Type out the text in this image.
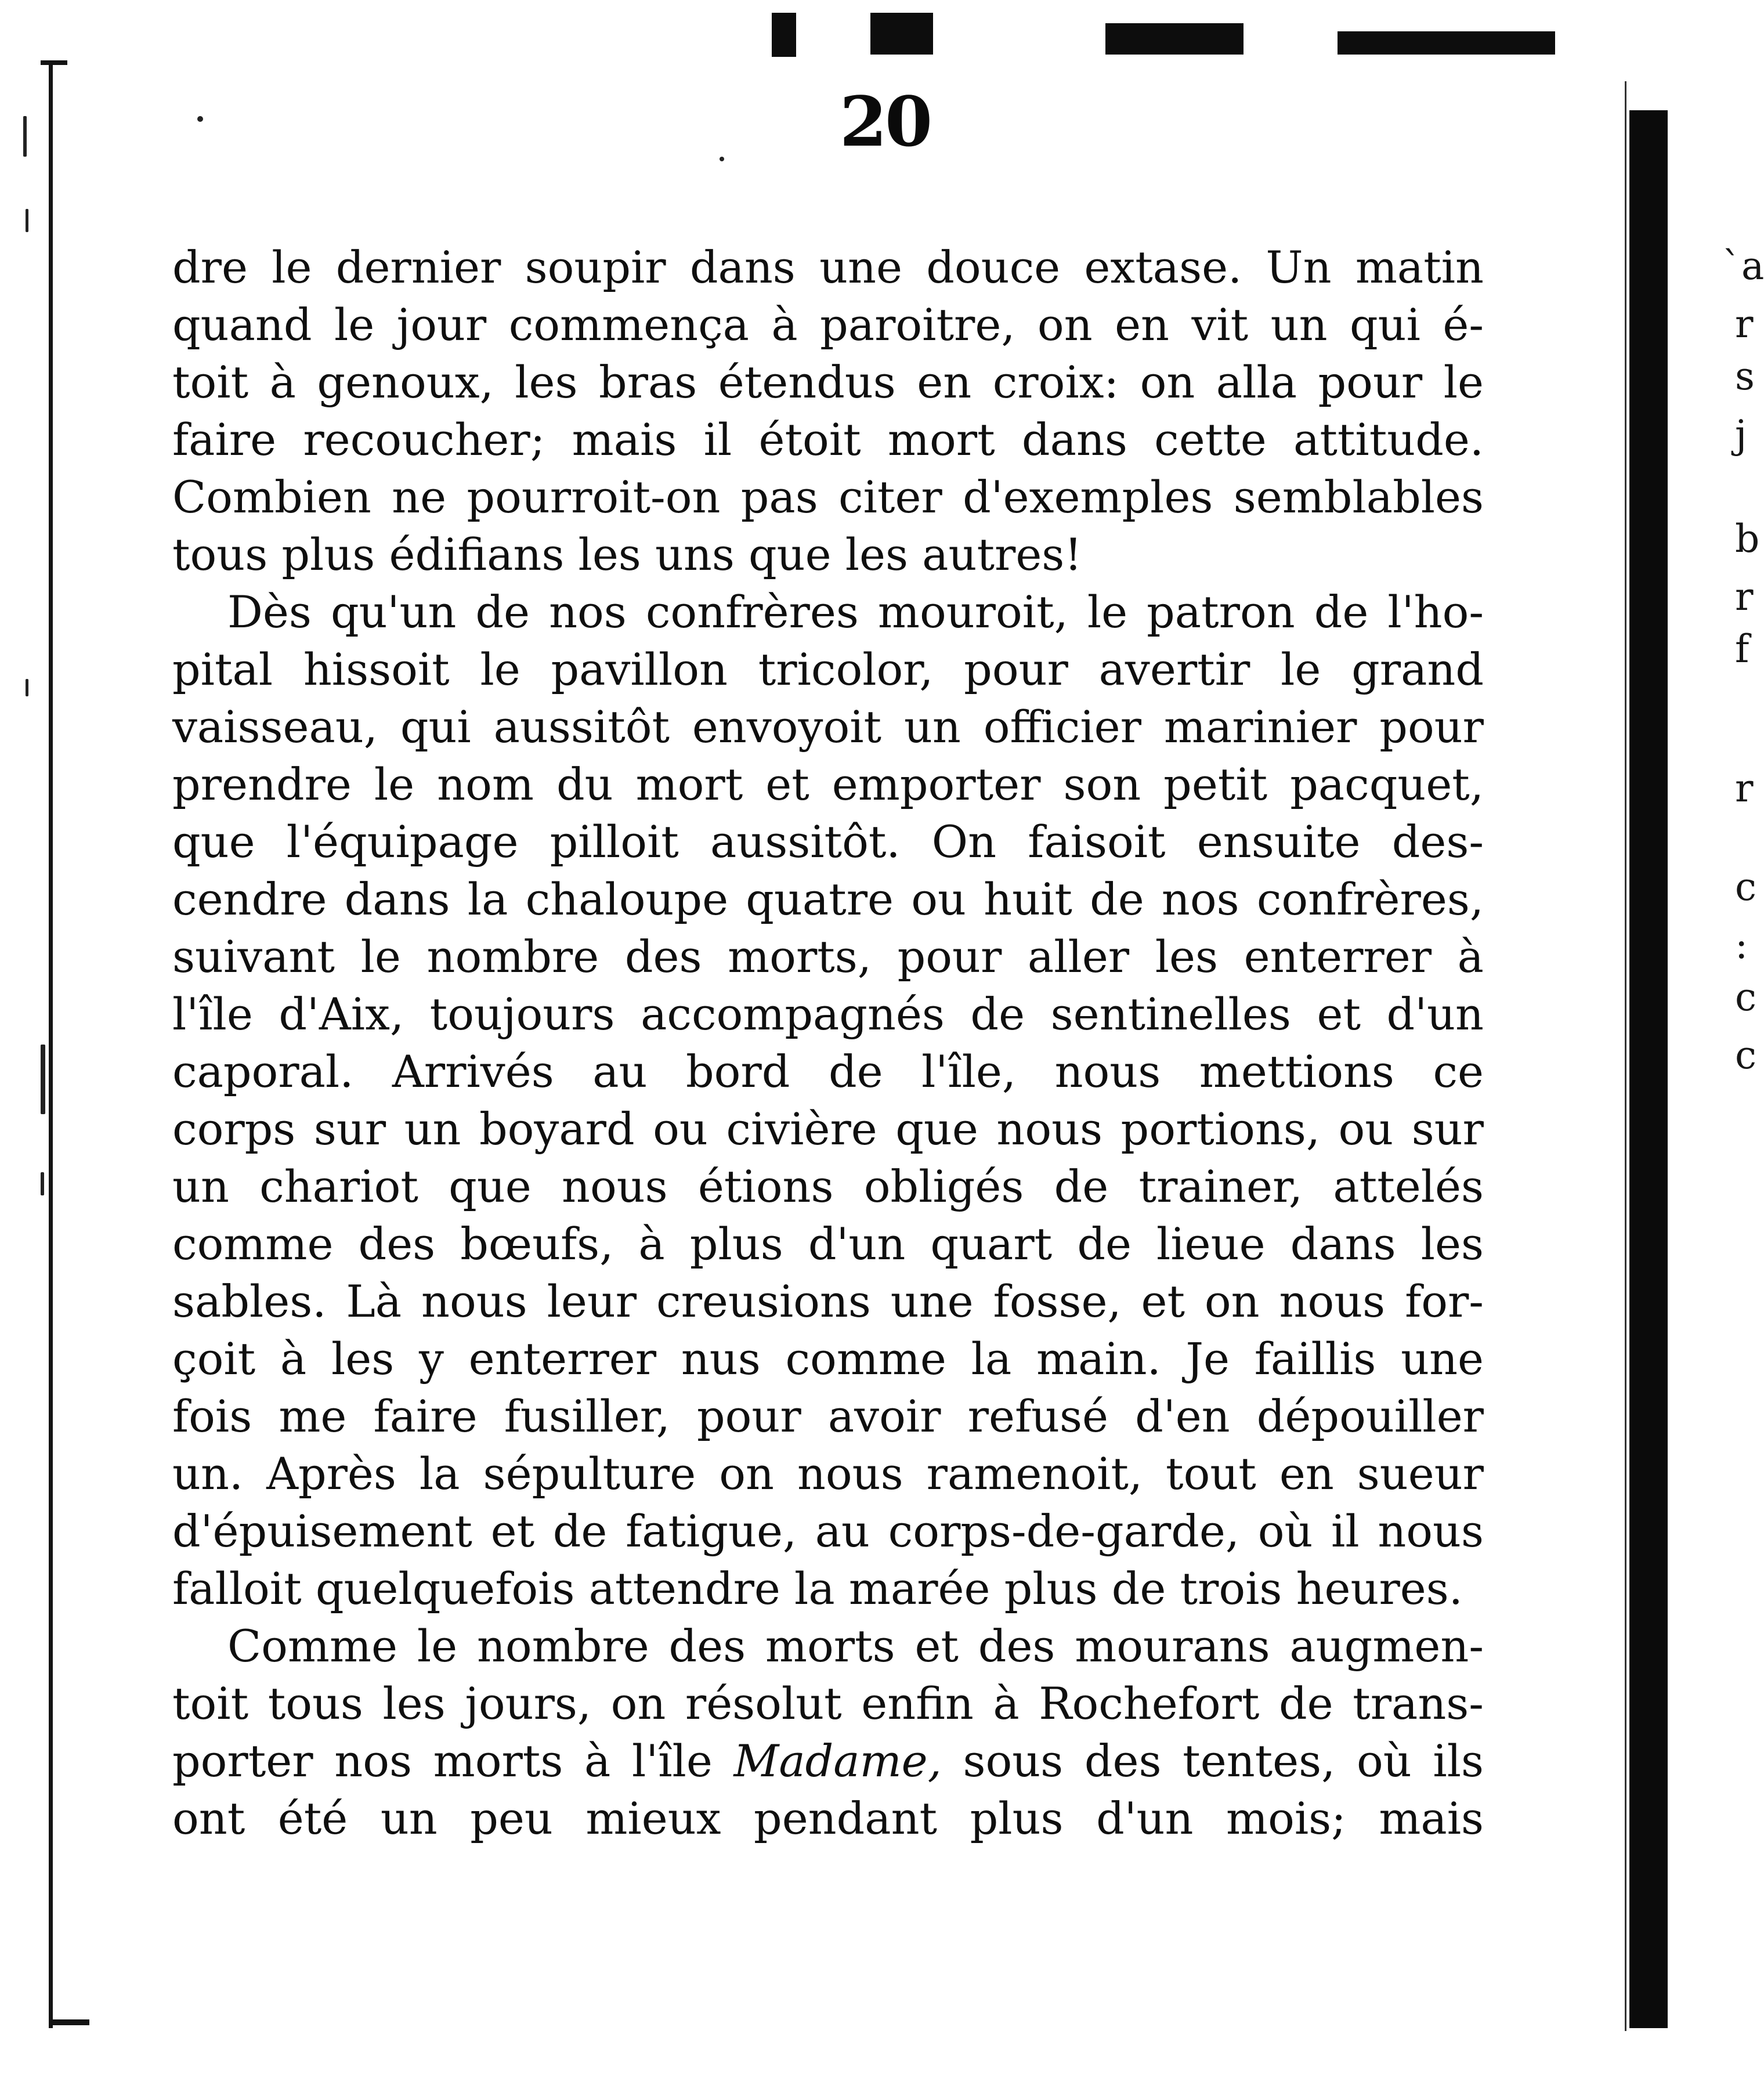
20
dre le dernier soupir dans une douce extase. Un matin
quand le jour commença à paroitre, on en vit un qui é-
toit à genoux, les bras étendus en croix: on alla pour le
faire recoucher; mais il étoit mort dans cette attitude.
Combien ne pourroit-on pas citer d'exemples semblables
tous plus édifians les uns que les autres!
Dès qu'un de nos confrères mouroit, le patron de l'ho-
pital hissoit le pavillon tricolor, pour avertir le grand
vaisseau, qui aussitôt envoyoit un officier marinier pour
prendre le nom du mort et emporter son petit pacquet,
que l'équipage pilloit aussitôt. On faisoit ensuite des-
cendre dans la chaloupe quatre ou huit de nos confrères,
suivant le nombre des morts, pour aller les enterrer à
l'île d'Aix, toujours accompagnés de sentinelles et d'un
caporal. Arrivés au bord de l'île, nous mettions ce
corps sur un boyard ou civière que nous portions, ou sur
un chariot que nous étions obligés de trainer, attelés
comme des bœufs, à plus d'un quart de lieue dans les
sables. Là nous leur creusions une fosse, et on nous for-
çoit à les y enterrer nus comme la main. Je faillis une
fois me faire fusiller, pour avoir refusé d'en dépouiller
un. Après la sépulture on nous ramenoit, tout en sueur
d'épuisement et de fatigue, au corps-de-garde, où il nous
falloit quelquefois attendre la marée plus de trois heures.
Comme le nombre des morts et des mourans augmen-
toit tous les jours, on résolut enfin à Rochefort de trans-
porter nos morts à l'île Madame, sous des tentes, où ils
ont été un peu mieux pendant plus d'un mois; mais
`a
r
s
j
b
r
f
r
c
:
c
c
